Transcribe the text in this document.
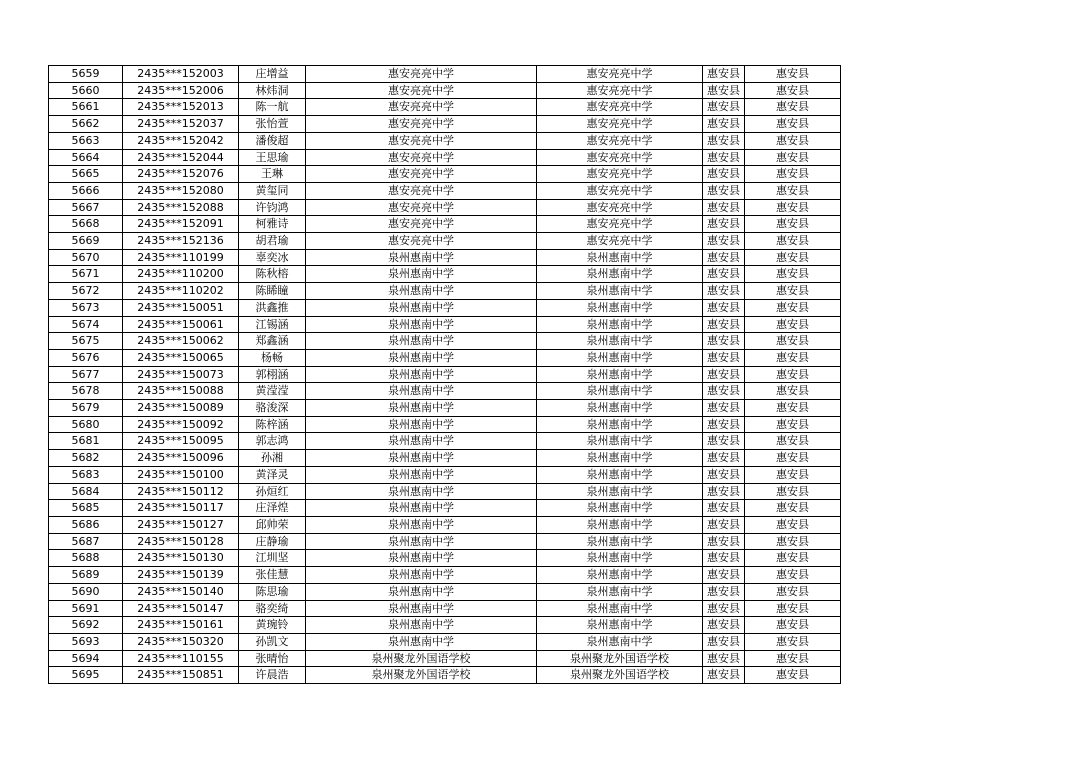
5659	2435***152003	庄增益	惠安亮亮中学	惠安亮亮中学	惠安县	惠安县
5660	2435***152006	林炜洞	惠安亮亮中学	惠安亮亮中学	惠安县	惠安县
5661	2435***152013	陈一航	惠安亮亮中学	惠安亮亮中学	惠安县	惠安县
5662	2435***152037	张怡萱	惠安亮亮中学	惠安亮亮中学	惠安县	惠安县
5663	2435***152042	潘俊超	惠安亮亮中学	惠安亮亮中学	惠安县	惠安县
5664	2435***152044	王思瑜	惠安亮亮中学	惠安亮亮中学	惠安县	惠安县
5665	2435***152076	王琳	惠安亮亮中学	惠安亮亮中学	惠安县	惠安县
5666	2435***152080	黄玺同	惠安亮亮中学	惠安亮亮中学	惠安县	惠安县
5667	2435***152088	许钧鸿	惠安亮亮中学	惠安亮亮中学	惠安县	惠安县
5668	2435***152091	柯雅诗	惠安亮亮中学	惠安亮亮中学	惠安县	惠安县
5669	2435***152136	胡君瑜	惠安亮亮中学	惠安亮亮中学	惠安县	惠安县
5670	2435***110199	辜奕冰	泉州惠南中学	泉州惠南中学	惠安县	惠安县
5671	2435***110200	陈秋榕	泉州惠南中学	泉州惠南中学	惠安县	惠安县
5672	2435***110202	陈睎瞳	泉州惠南中学	泉州惠南中学	惠安县	惠安县
5673	2435***150051	洪鑫推	泉州惠南中学	泉州惠南中学	惠安县	惠安县
5674	2435***150061	江锡涵	泉州惠南中学	泉州惠南中学	惠安县	惠安县
5675	2435***150062	郑鑫涵	泉州惠南中学	泉州惠南中学	惠安县	惠安县
5676	2435***150065	杨畅	泉州惠南中学	泉州惠南中学	惠安县	惠安县
5677	2435***150073	郭栩涵	泉州惠南中学	泉州惠南中学	惠安县	惠安县
5678	2435***150088	黄滢滢	泉州惠南中学	泉州惠南中学	惠安县	惠安县
5679	2435***150089	骆浚深	泉州惠南中学	泉州惠南中学	惠安县	惠安县
5680	2435***150092	陈梓涵	泉州惠南中学	泉州惠南中学	惠安县	惠安县
5681	2435***150095	郭志鸿	泉州惠南中学	泉州惠南中学	惠安县	惠安县
5682	2435***150096	孙湘	泉州惠南中学	泉州惠南中学	惠安县	惠安县
5683	2435***150100	黄泽灵	泉州惠南中学	泉州惠南中学	惠安县	惠安县
5684	2435***150112	孙烜红	泉州惠南中学	泉州惠南中学	惠安县	惠安县
5685	2435***150117	庄泽煌	泉州惠南中学	泉州惠南中学	惠安县	惠安县
5686	2435***150127	邱帅荣	泉州惠南中学	泉州惠南中学	惠安县	惠安县
5687	2435***150128	庄静瑜	泉州惠南中学	泉州惠南中学	惠安县	惠安县
5688	2435***150130	江圳坚	泉州惠南中学	泉州惠南中学	惠安县	惠安县
5689	2435***150139	张佳慧	泉州惠南中学	泉州惠南中学	惠安县	惠安县
5690	2435***150140	陈思瑜	泉州惠南中学	泉州惠南中学	惠安县	惠安县
5691	2435***150147	骆奕绮	泉州惠南中学	泉州惠南中学	惠安县	惠安县
5692	2435***150161	黄琬铃	泉州惠南中学	泉州惠南中学	惠安县	惠安县
5693	2435***150320	孙凯文	泉州惠南中学	泉州惠南中学	惠安县	惠安县
5694	2435***110155	张晴怡	泉州聚龙外国语学校	泉州聚龙外国语学校	惠安县	惠安县
5695	2435***150851	许晨浩	泉州聚龙外国语学校	泉州聚龙外国语学校	惠安县	惠安县
